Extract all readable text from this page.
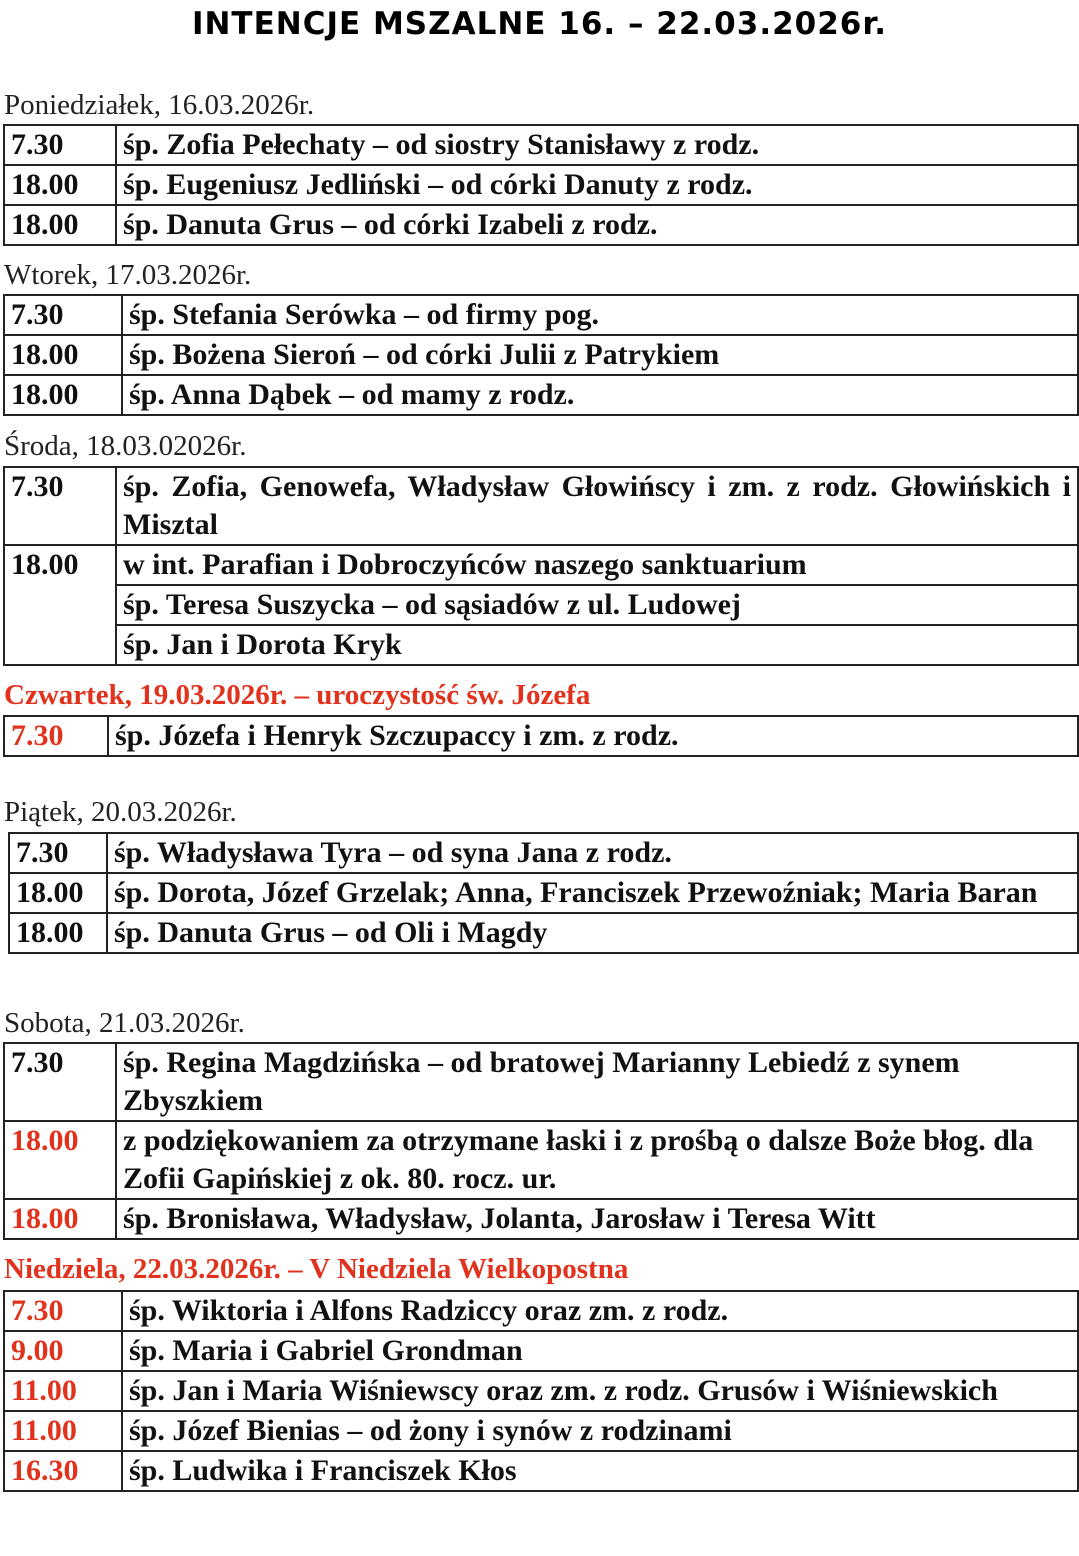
INTENCJE MSZALNE 16. – 22.03.2026r.
Poniedziałek, 16.03.2026r.
7.30	śp. Zofia Pełechaty – od siostry Stanisławy z rodz.
18.00	śp. Eugeniusz Jedliński – od córki Danuty z rodz.
18.00	śp. Danuta Grus – od córki Izabeli z rodz.
Wtorek, 17.03.2026r.
7.30	śp. Stefania Serówka – od firmy pog.
18.00	śp. Bożena Sieroń – od córki Julii z Patrykiem
18.00	śp. Anna Dąbek – od mamy z rodz.
Środa, 18.03.02026r.
7.30	śp. Zofia, Genowefa, Władysław Głowińscy i zm. z rodz. Głowińskich i Misztal
18.00	w int. Parafian i Dobroczyńców naszego sanktuarium
	śp. Teresa Suszycka – od sąsiadów z ul. Ludowej
	śp. Jan i Dorota Kryk
Czwartek, 19.03.2026r. – uroczystość św. Józefa
7.30	śp. Józefa i Henryk Szczupaccy i zm. z rodz.
Piątek, 20.03.2026r.
7.30	śp. Władysława Tyra – od syna Jana z rodz.
18.00	śp. Dorota, Józef Grzelak; Anna, Franciszek Przewoźniak; Maria Baran
18.00	śp. Danuta Grus – od Oli i Magdy
Sobota, 21.03.2026r.
7.30	śp. Regina Magdzińska – od bratowej Marianny Lebiedź z synem Zbyszkiem
18.00	z podziękowaniem za otrzymane łaski i z prośbą o dalsze Boże błog. dla Zofii Gapińskiej z ok. 80. rocz. ur.
18.00	śp. Bronisława, Władysław, Jolanta, Jarosław i Teresa Witt
Niedziela, 22.03.2026r. – V Niedziela Wielkopostna
7.30	śp. Wiktoria i Alfons Radziccy oraz zm. z rodz.
9.00	śp. Maria i Gabriel Grondman
11.00	śp. Jan i Maria Wiśniewscy oraz zm. z rodz. Grusów i Wiśniewskich
11.00	śp. Józef Bienias – od żony i synów z rodzinami
16.30	śp. Ludwika i Franciszek Kłos
